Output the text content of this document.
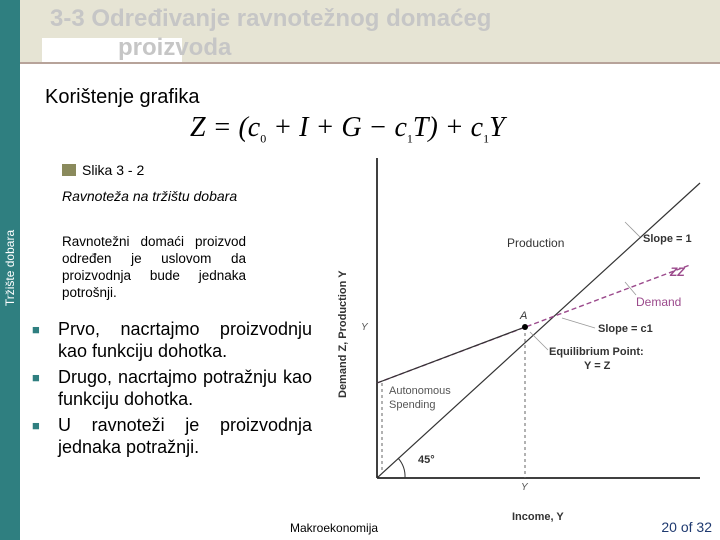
Tržište dobara
3-3 Određivanje ravnotežnog domaćeg
proizvoda
Korištenje grafika
$Z = (c_0 + I + G - c_1T) + c_1Y$
Slika 3 - 2
Ravnoteža na tržištu dobara
Ravnotežni domaći proizvod određen je uslovom da proizvodnja bude jednaka potrošnji.
■ Prvo, nacrtajmo proizvodnju kao funkciju dohotka.
■ Drugo, nacrtajmo potražnju kao funkciju dohotka.
■ U ravnoteži je proizvodnja jednaka potražnji.
Demand Z, Production Y
Income, Y
Production	Slope = 1
ZZ
Demand
Slope = c1
A
Equilibrium Point:
Y = Z
Autonomous
Spending
45°
Y
Y
Makroekonomija	20 of 32
